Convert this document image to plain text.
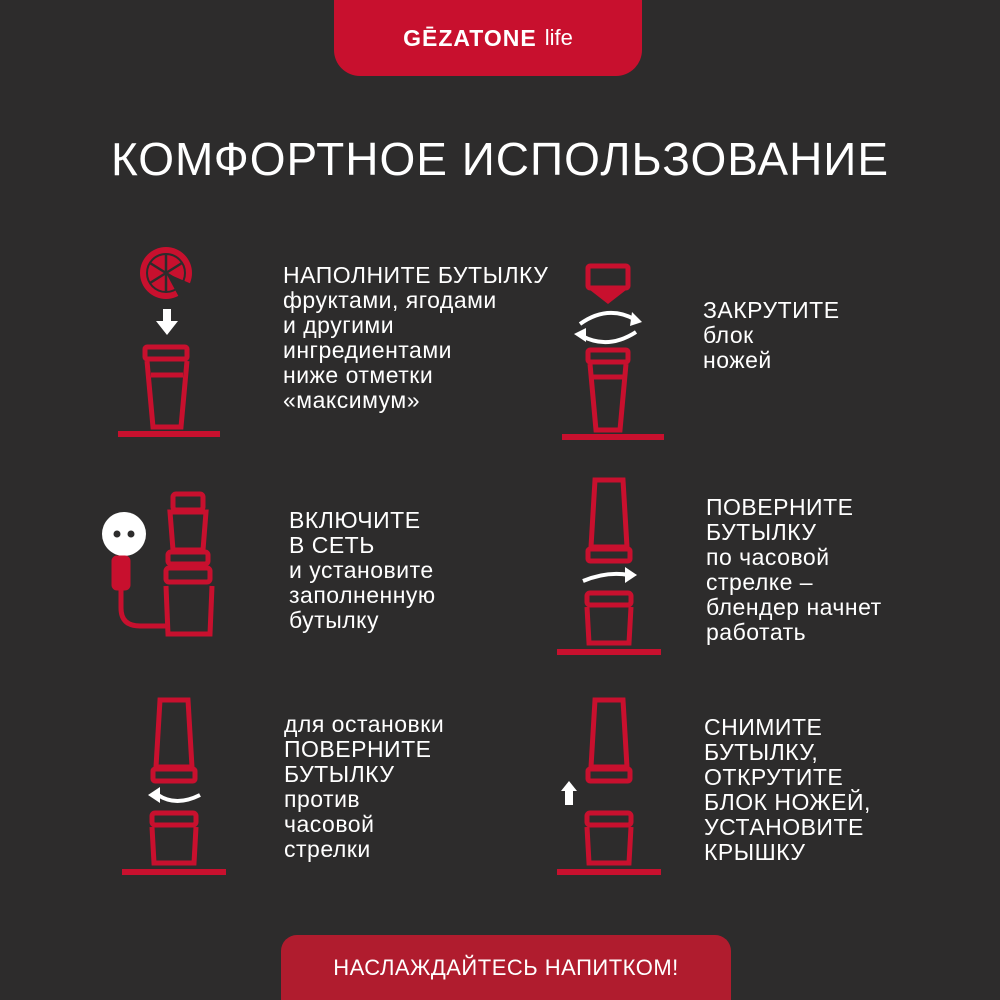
GĒZATONE life
КОМФОРТНОЕ ИСПОЛЬЗОВАНИЕ
НАПОЛНИТЕ БУТЫЛКУ
фруктами, ягодами
и другими
ингредиентами
ниже отметки
«максимум»
ЗАКРУТИТЕ
блок
ножей
ВКЛЮЧИТЕ
В СЕТЬ
и установите
заполненную
бутылку
ПОВЕРНИТЕ
БУТЫЛКУ
по часовой
стрелке –
блендер начнет
работать
для остановки
ПОВЕРНИТЕ
БУТЫЛКУ
против
часовой
стрелки
СНИМИТЕ
БУТЫЛКУ,
ОТКРУТИТЕ
БЛОК НОЖЕЙ,
УСТАНОВИТЕ
КРЫШКУ
НАСЛАЖДАЙТЕСЬ НАПИТКОМ!
